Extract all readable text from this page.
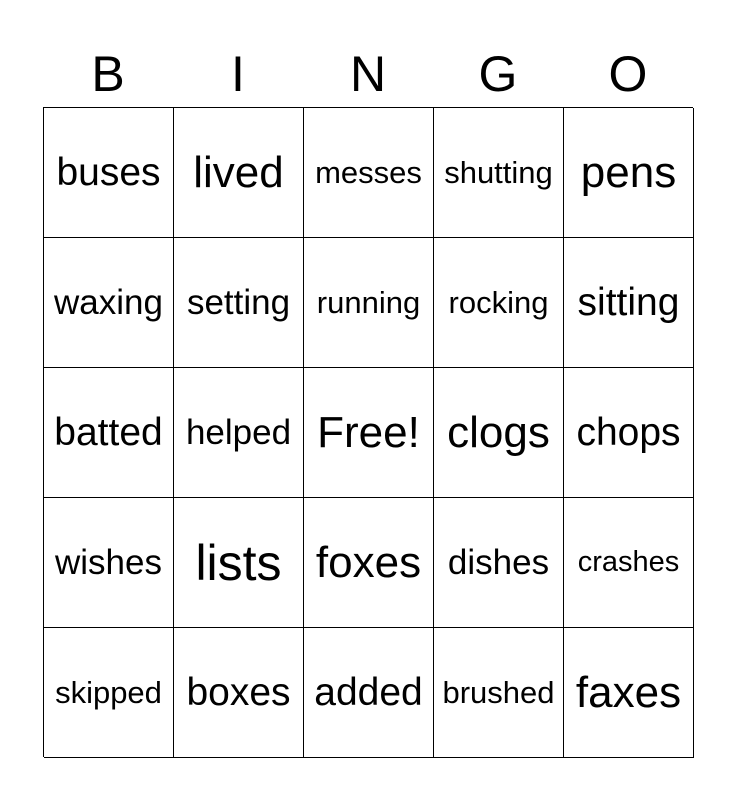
B	I	N	G	O
buses lived	messes shutting pens
waxing setting running rocking sitting
batted helped Free! clogs chops
wishes lists foxes dishes crashes
skipped boxes added brushed faxes
